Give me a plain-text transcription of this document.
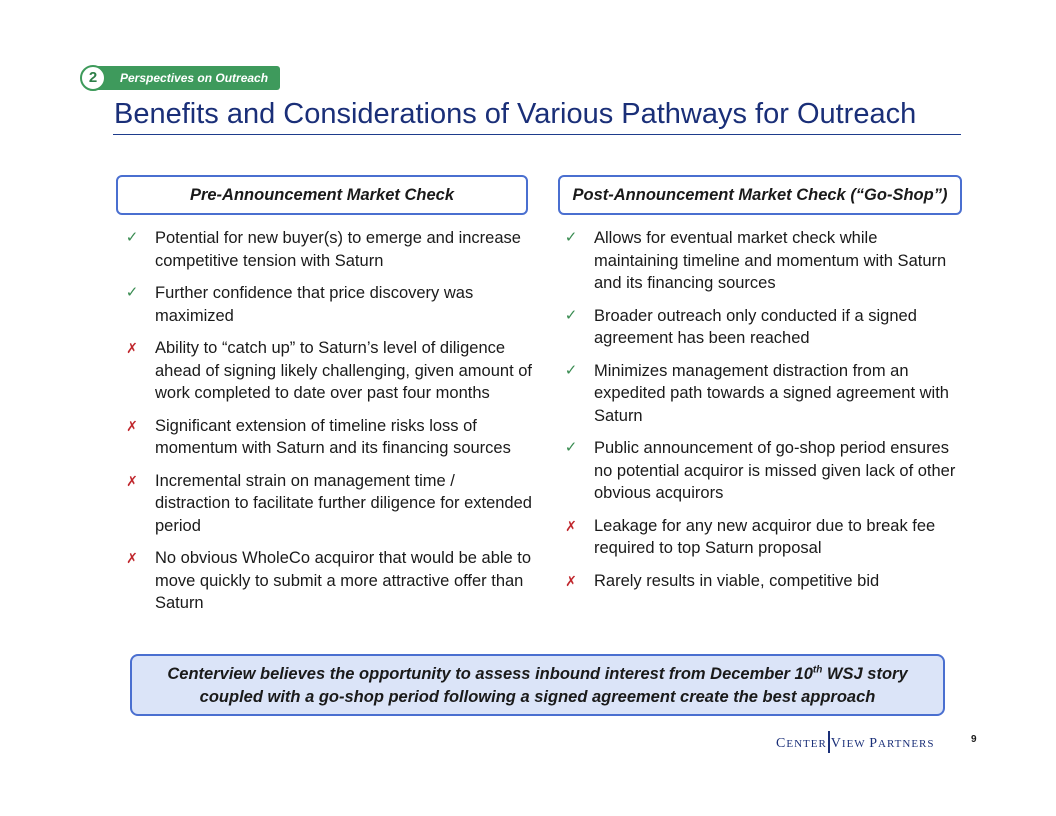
2	Perspectives on Outreach
Benefits and Considerations of Various Pathways for Outreach
Pre-Announcement Market Check	Post-Announcement Market Check (“Go-Shop”)
✓ Potential for new buyer(s) to emerge and increase competitive tension with Saturn
✓ Further confidence that price discovery was maximized
✗ Ability to “catch up” to Saturn’s level of diligence ahead of signing likely challenging, given amount of work completed to date over past four months
✗ Significant extension of timeline risks loss of momentum with Saturn and its financing sources
✗ Incremental strain on management time / distraction to facilitate further diligence for extended period
✗ No obvious WholeCo acquiror that would be able to move quickly to submit a more attractive offer than Saturn
✓ Allows for eventual market check while maintaining timeline and momentum with Saturn and its financing sources
✓ Broader outreach only conducted if a signed agreement has been reached
✓ Minimizes management distraction from an expedited path towards a signed agreement with Saturn
✓ Public announcement of go-shop period ensures no potential acquiror is missed given lack of other obvious acquirors
✗ Leakage for any new acquiror due to break fee required to top Saturn proposal
✗ Rarely results in viable, competitive bid
Centerview believes the opportunity to assess inbound interest from December 10th WSJ story
coupled with a go-shop period following a signed agreement create the best approach
CENTER VIEW PARTNERS	9
